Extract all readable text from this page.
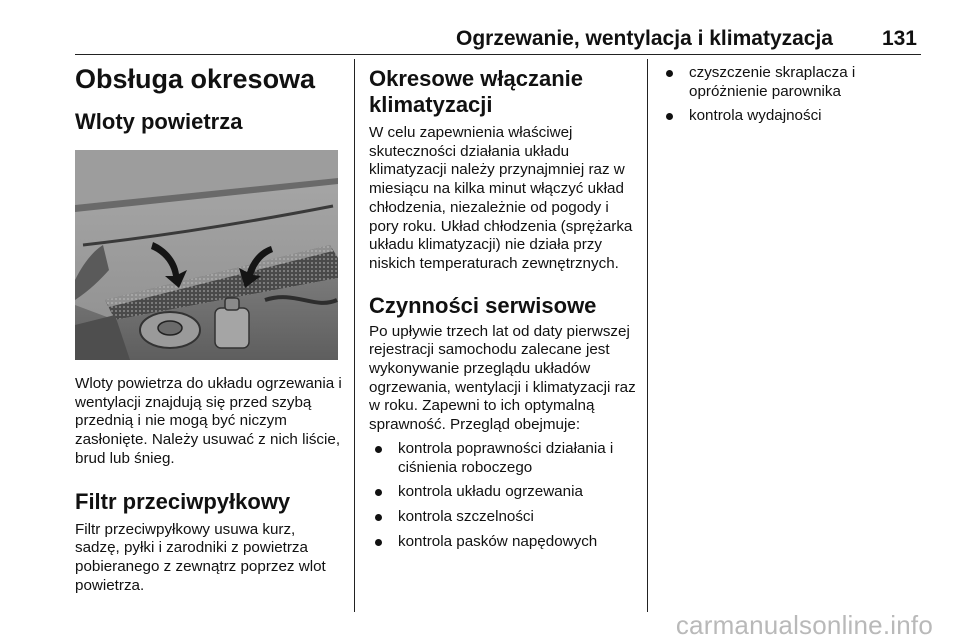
Ogrzewanie, wentylacja i klimatyzacja 131
Obsługa okresowa
Wloty powietrza
Wloty powietrza do układu ogrzewania i wentylacji znajdują się przed szybą przednią i nie mogą być niczym zasłonięte. Należy usuwać z nich liście, brud lub śnieg.
Filtr przeciwpyłkowy
Filtr przeciwpyłkowy usuwa kurz, sadzę, pyłki i zarodniki z powietrza pobieranego z zewnątrz poprzez wlot powietrza.
Okresowe włączanie klimatyzacji
W celu zapewnienia właściwej skuteczności działania układu klimatyzacji należy przynajmniej raz w miesiącu na kilka minut włączyć układ chłodzenia, niezależnie od pogody i pory roku. Układ chłodzenia (sprężarka układu klimatyzacji) nie działa przy niskich temperaturach zewnętrznych.
Czynności serwisowe
Po upływie trzech lat od daty pierwszej rejestracji samochodu zalecane jest wykonywanie przeglądu układów ogrzewania, wentylacji i klimatyzacji raz w roku. Zapewni to ich optymalną sprawność. Przegląd obejmuje:
kontrola poprawności działania i ciśnienia roboczego
kontrola układu ogrzewania
kontrola szczelności
kontrola pasków napędowych
czyszczenie skraplacza i opróżnienie parownika
kontrola wydajności
carmanualsonline.info
